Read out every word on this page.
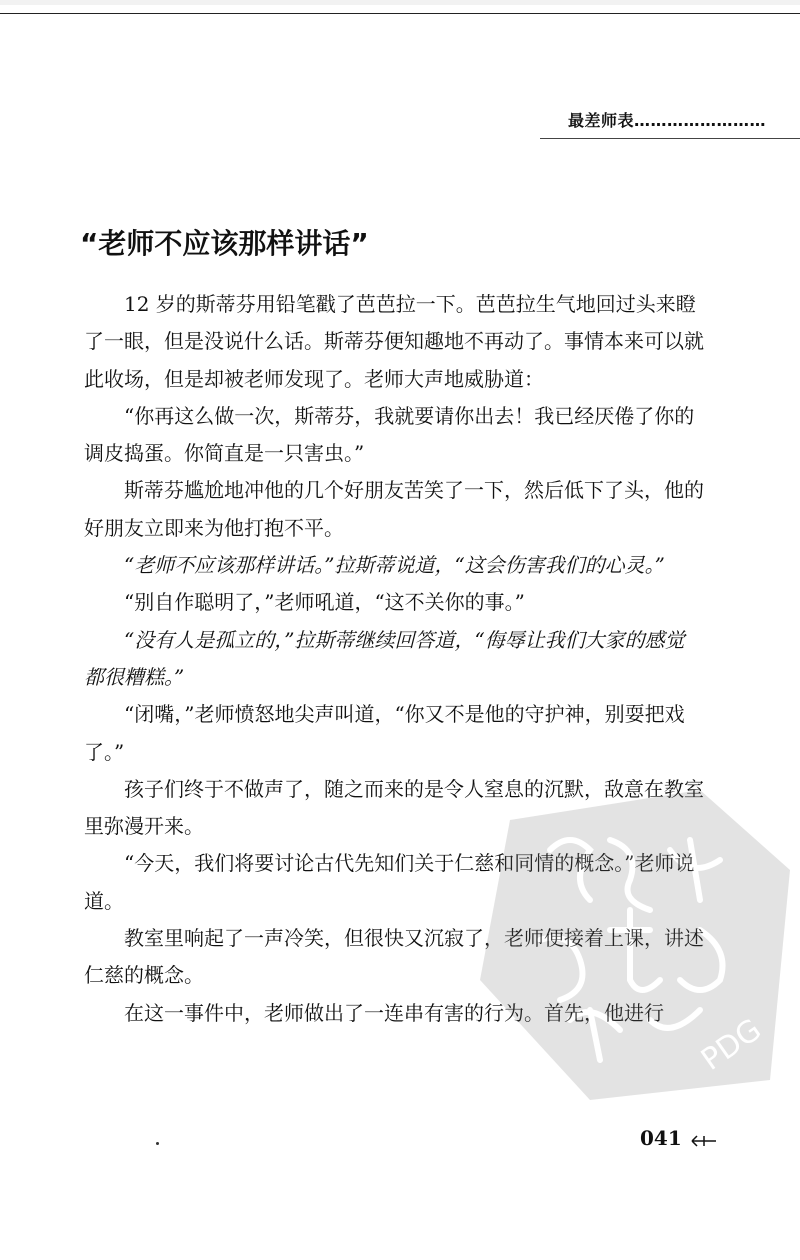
最差师表……………………
“老师不应该那样讲话”

12 岁的斯蒂芬用铅笔戳了芭芭拉一下。芭芭拉生气地回过头来瞪了一眼，但是没说什么话。斯蒂芬便知趣地不再动了。事情本来可以就此收场，但是却被老师发现了。老师大声地威胁道：

“你再这么做一次，斯蒂芬，我就要请你出去！我已经厌倦了你的调皮捣蛋。你简直是一只害虫。”

斯蒂芬尴尬地冲他的几个好朋友苦笑了一下，然后低下了头，他的好朋友立即来为他打抱不平。

“老师不应该那样讲话。”拉斯蒂说道，“这会伤害我们的心灵。”

“别自作聪明了，”老师吼道，“这不关你的事。”

“没有人是孤立的，”拉斯蒂继续回答道，“侮辱让我们大家的感觉都很糟糕。”

“闭嘴，”老师愤怒地尖声叫道，“你又不是他的守护神，别耍把戏了。”

孩子们终于不做声了，随之而来的是令人窒息的沉默，敌意在教室里弥漫开来。

“今天，我们将要讨论古代先知们关于仁慈和同情的概念。”老师说道。

教室里响起了一声冷笑，但很快又沉寂了，老师便接着上课，讲述仁慈的概念。

在这一事件中，老师做出了一连串有害的行为。首先，他进行	PDG
041
